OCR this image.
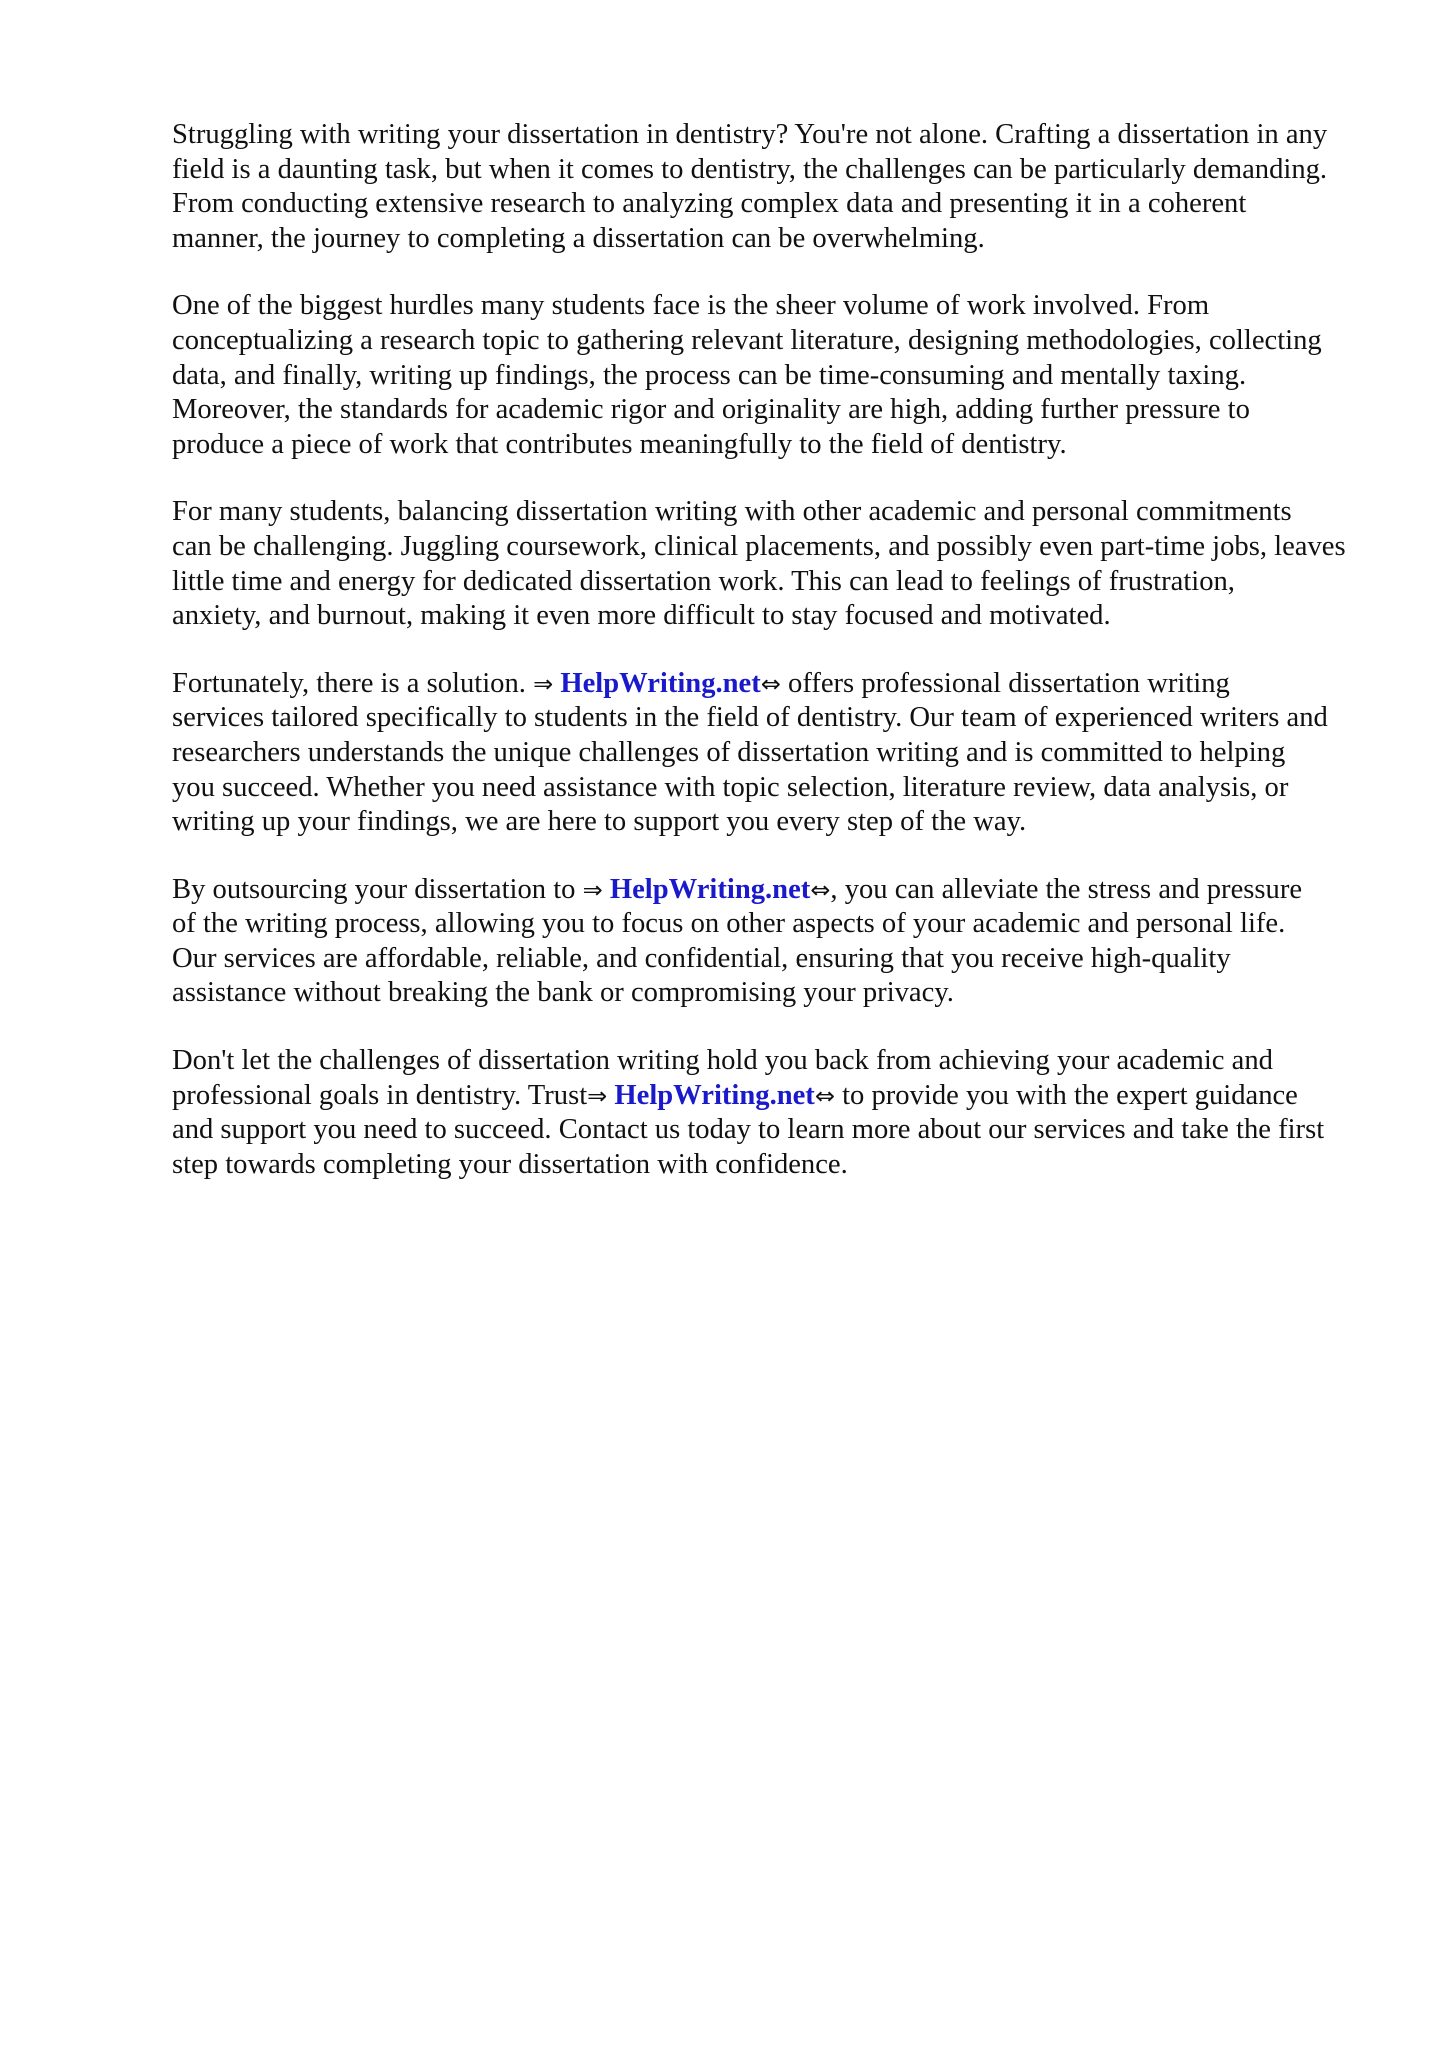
Struggling with writing your dissertation in dentistry? You're not alone. Crafting a dissertation in any
field is a daunting task, but when it comes to dentistry, the challenges can be particularly demanding.
From conducting extensive research to analyzing complex data and presenting it in a coherent
manner, the journey to completing a dissertation can be overwhelming.

One of the biggest hurdles many students face is the sheer volume of work involved. From
conceptualizing a research topic to gathering relevant literature, designing methodologies, collecting
data, and finally, writing up findings, the process can be time-consuming and mentally taxing.
Moreover, the standards for academic rigor and originality are high, adding further pressure to
produce a piece of work that contributes meaningfully to the field of dentistry.

For many students, balancing dissertation writing with other academic and personal commitments
can be challenging. Juggling coursework, clinical placements, and possibly even part-time jobs, leaves
little time and energy for dedicated dissertation work. This can lead to feelings of frustration,
anxiety, and burnout, making it even more difficult to stay focused and motivated.

Fortunately, there is a solution. ⇒ HelpWriting.net⇔ offers professional dissertation writing
services tailored specifically to students in the field of dentistry. Our team of experienced writers and
researchers understands the unique challenges of dissertation writing and is committed to helping
you succeed. Whether you need assistance with topic selection, literature review, data analysis, or
writing up your findings, we are here to support you every step of the way.

By outsourcing your dissertation to ⇒ HelpWriting.net⇔, you can alleviate the stress and pressure
of the writing process, allowing you to focus on other aspects of your academic and personal life.
Our services are affordable, reliable, and confidential, ensuring that you receive high-quality
assistance without breaking the bank or compromising your privacy.

Don't let the challenges of dissertation writing hold you back from achieving your academic and
professional goals in dentistry. Trust⇒ HelpWriting.net⇔ to provide you with the expert guidance
and support you need to succeed. Contact us today to learn more about our services and take the first
step towards completing your dissertation with confidence.
